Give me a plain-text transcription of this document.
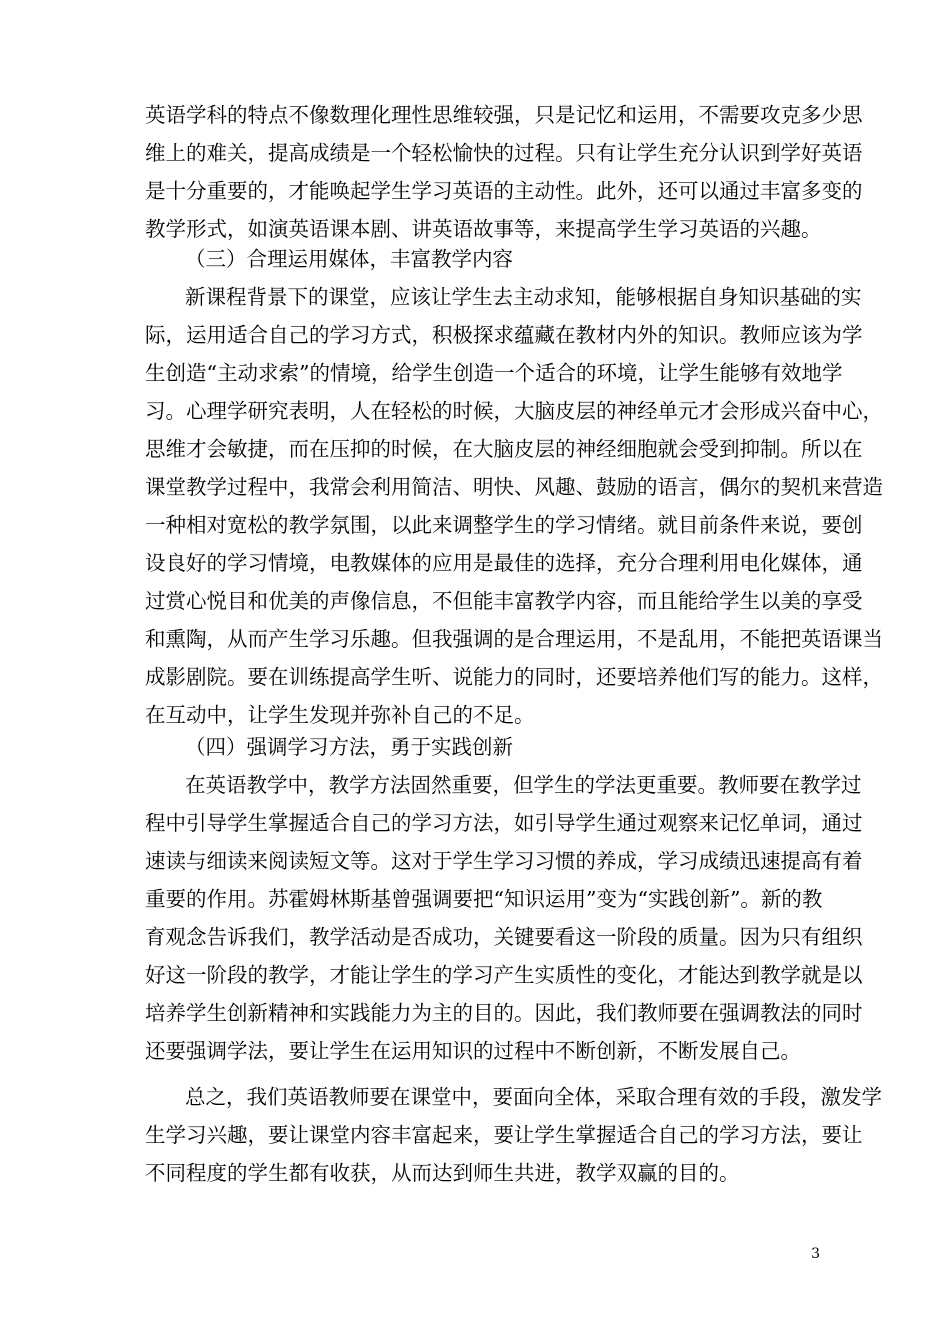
英语学科的特点不像数理化理性思维较强，只是记忆和运用，不需要攻克多少思
维上的难关，提高成绩是一个轻松愉快的过程。只有让学生充分认识到学好英语
是十分重要的，才能唤起学生学习英语的主动性。此外，还可以通过丰富多变的
教学形式，如演英语课本剧、讲英语故事等，来提高学生学习英语的兴趣。
（三）合理运用媒体，丰富教学内容
新课程背景下的课堂，应该让学生去主动求知，能够根据自身知识基础的实
际，运用适合自己的学习方式，积极探求蕴藏在教材内外的知识。教师应该为学
生创造“主动求索”的情境，给学生创造一个适合的环境，让学生能够有效地学
习。心理学研究表明，人在轻松的时候，大脑皮层的神经单元才会形成兴奋中心，
思维才会敏捷，而在压抑的时候，在大脑皮层的神经细胞就会受到抑制。所以在
课堂教学过程中，我常会利用简洁、明快、风趣、鼓励的语言，偶尔的契机来营造
一种相对宽松的教学氛围，以此来调整学生的学习情绪。就目前条件来说，要创
设良好的学习情境，电教媒体的应用是最佳的选择，充分合理利用电化媒体，通
过赏心悦目和优美的声像信息，不但能丰富教学内容，而且能给学生以美的享受
和熏陶，从而产生学习乐趣。但我强调的是合理运用，不是乱用，不能把英语课当
成影剧院。要在训练提高学生听、说能力的同时，还要培养他们写的能力。这样，
在互动中，让学生发现并弥补自己的不足。
（四）强调学习方法，勇于实践创新
在英语教学中，教学方法固然重要，但学生的学法更重要。教师要在教学过
程中引导学生掌握适合自己的学习方法，如引导学生通过观察来记忆单词，通过
速读与细读来阅读短文等。这对于学生学习习惯的养成，学习成绩迅速提高有着
重要的作用。苏霍姆林斯基曾强调要把“知识运用”变为“实践创新”。新的教
育观念告诉我们，教学活动是否成功，关键要看这一阶段的质量。因为只有组织
好这一阶段的教学，才能让学生的学习产生实质性的变化，才能达到教学就是以
培养学生创新精神和实践能力为主的目的。因此，我们教师要在强调教法的同时
还要强调学法，要让学生在运用知识的过程中不断创新，不断发展自己。
总之，我们英语教师要在课堂中，要面向全体，采取合理有效的手段，激发学
生学习兴趣，要让课堂内容丰富起来，要让学生掌握适合自己的学习方法，要让
不同程度的学生都有收获，从而达到师生共进，教学双赢的目的。
3
